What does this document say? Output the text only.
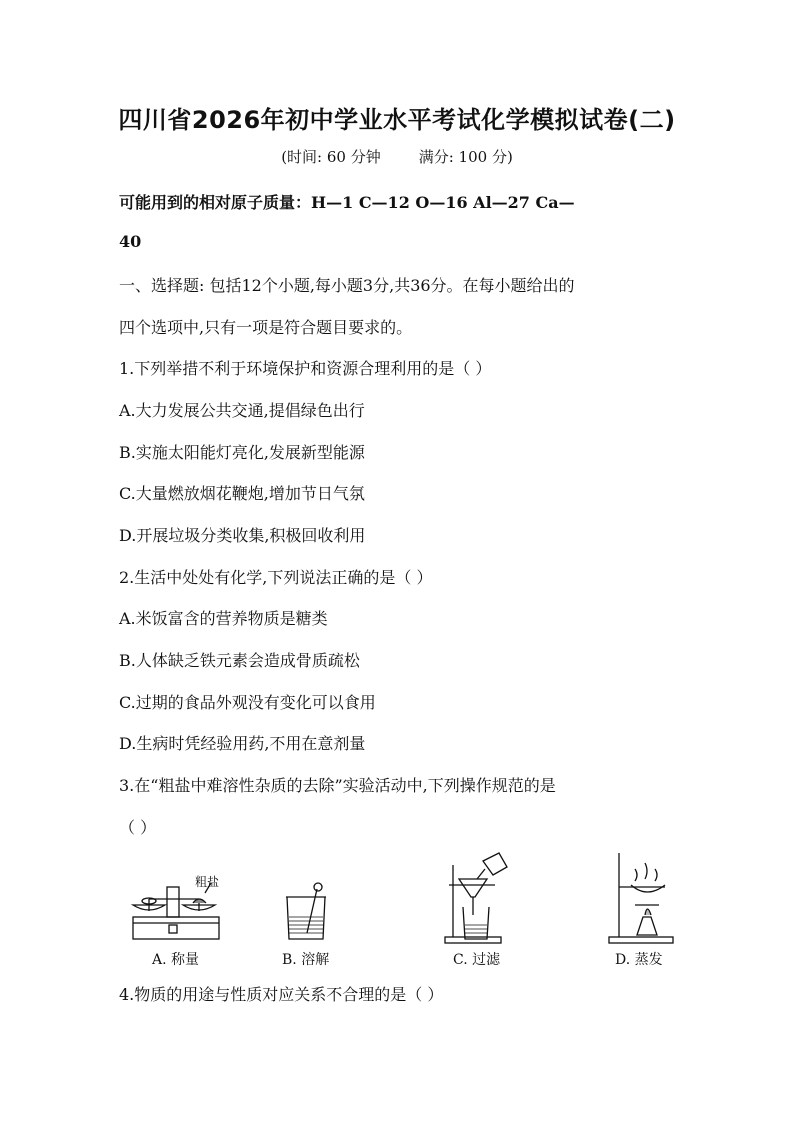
四川省2026年初中学业水平考试化学模拟试卷(二)
(时间: 60 分钟	满分: 100 分)
可能用到的相对原子质量：H—1 C—12 O—16 Al—27 Ca—
40
一、选择题: 包括12个小题,每小题3分,共36分。在每小题给出的
四个选项中,只有一项是符合题目要求的。
1.下列举措不利于环境保护和资源合理利用的是（ ）
A.大力发展公共交通,提倡绿色出行
B.实施太阳能灯亮化,发展新型能源
C.大量燃放烟花鞭炮,增加节日气氛
D.开展垃圾分类收集,积极回收利用
2.生活中处处有化学,下列说法正确的是（ ）
A.米饭富含的营养物质是糖类
B.人体缺乏铁元素会造成骨质疏松
C.过期的食品外观没有变化可以食用
D.生病时凭经验用药,不用在意剂量
3.在“粗盐中难溶性杂质的去除”实验活动中,下列操作规范的是
（ ）
粗盐
A. 称量	B. 溶解	C. 过滤	D. 蒸发
4.物质的用途与性质对应关系不合理的是（ ）
